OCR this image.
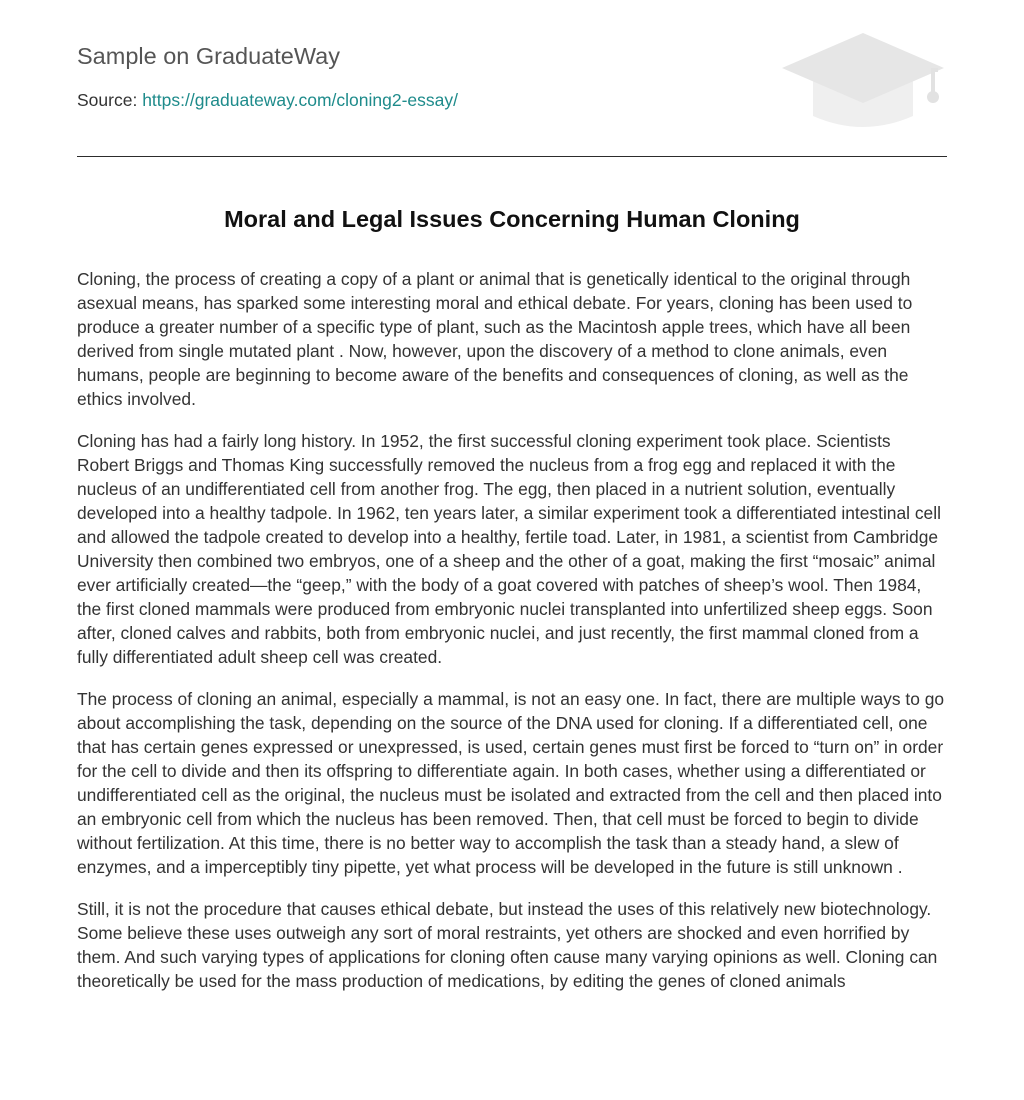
Sample on GraduateWay
Source: https://graduateway.com/cloning2-essay/
Moral and Legal Issues Concerning Human Cloning

Cloning, the process of creating a copy of a plant or animal that is genetically identical to the original through asexual means, has sparked some interesting moral and ethical debate. For years, cloning has been used to produce a greater number of a specific type of plant, such as the Macintosh apple trees, which have all been derived from single mutated plant . Now, however, upon the discovery of a method to clone animals, even humans, people are beginning to become aware of the benefits and consequences of cloning, as well as the ethics involved.

Cloning has had a fairly long history. In 1952, the first successful cloning experiment took place. Scientists Robert Briggs and Thomas King successfully removed the nucleus from a frog egg and replaced it with the nucleus of an undifferentiated cell from another frog. The egg, then placed in a nutrient solution, eventually developed into a healthy tadpole. In 1962, ten years later, a similar experiment took a differentiated intestinal cell and allowed the tadpole created to develop into a healthy, fertile toad. Later, in 1981, a scientist from Cambridge University then combined two embryos, one of a sheep and the other of a goat, making the first “mosaic” animal ever artificially created—the “geep,” with the body of a goat covered with patches of sheep’s wool. Then 1984, the first cloned mammals were produced from embryonic nuclei transplanted into unfertilized sheep eggs. Soon after, cloned calves and rabbits, both from embryonic nuclei, and just recently, the first mammal cloned from a fully differentiated adult sheep cell was created.

The process of cloning an animal, especially a mammal, is not an easy one. In fact, there are multiple ways to go about accomplishing the task, depending on the source of the DNA used for cloning. If a differentiated cell, one that has certain genes expressed or unexpressed, is used, certain genes must first be forced to “turn on” in order for the cell to divide and then its offspring to differentiate again. In both cases, whether using a differentiated or undifferentiated cell as the original, the nucleus must be isolated and extracted from the cell and then placed into an embryonic cell from which the nucleus has been removed. Then, that cell must be forced to begin to divide without fertilization. At this time, there is no better way to accomplish the task than a steady hand, a slew of enzymes, and a imperceptibly tiny pipette, yet what process will be developed in the future is still unknown .

Still, it is not the procedure that causes ethical debate, but instead the uses of this relatively new biotechnology. Some believe these uses outweigh any sort of moral restraints, yet others are shocked and even horrified by them. And such varying types of applications for cloning often cause many varying opinions as well. Cloning can theoretically be used for the mass production of medications, by editing the genes of cloned animals
